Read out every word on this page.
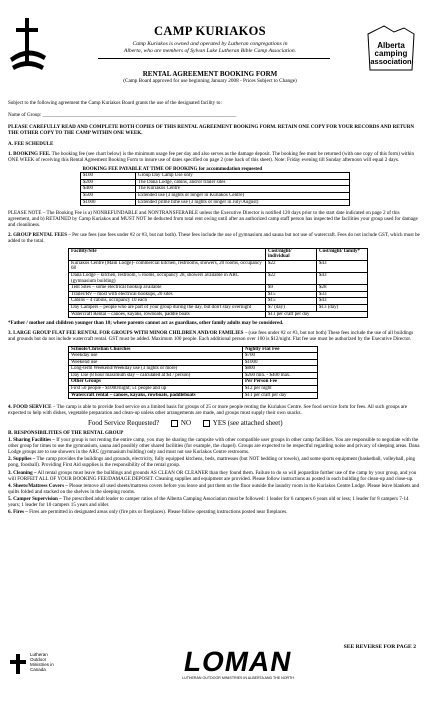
CAMP KURIAKOS
Camp Kuriakos is owned and operated by Lutheran congregations in
Alberta, who are members of Sylvan Lake Lutheran Bible Camp Association.
RENTAL AGREEMENT BOOKING FORM
(Camp Board approved for use beginning January 2008 - Prices Subject to Change)
Alberta
camping
association

Subject to the following agreement the Camp Kuriakos Board grants the use of the designated facility to:

Name of Group: ____________________________________________________________________________

PLEASE CAREFULLY READ AND COMPLETE BOTH COPIES OF THIS RENTAL AGREEMENT BOOKING FORM. RETAIN ONE COPY FOR YOUR RECORDS AND RETURN THE OTHER COPY TO THE CAMP WITHIN ONE WEEK.

A. FEE SCHEDULE

1. BOOKING FEE. The booking fee (see chart below) is the minimum usage fee per day and also serves as the damage deposit. The booking fee must be returned (with one copy of this form) within ONE WEEK of receiving this Rental Agreement Booking Form to insure use of dates specified on page 2 (one back of this sheet). Note: Friday evening till Sunday afternoon will equal 2 days.

BOOKING FEE PAYABLE AT TIME OF BOOKING for accommodation requested	
$100	Group Day Camp Use only
$200	The Dana Lodge, cabins, and/or trailer sites
$400	The Kuriakos Centre
$500	Extended use (3 nights or longer in Kuriakos Centre)
$1000	Extended prime time use (3 nights or longer in July/August)

PLEASE NOTE – The Booking Fee is a) NONREFUNDABLE and NONTRANSFERABLE unless the Executive Director is notified 120 days prior to the start date indicated on page 2 of this agreement, and b) RETAINED by Camp Kuriakos and MUST NOT be deducted from total rent owing until after an authorized camp staff person has inspected the facilities your group used for damage and cleanliness.

2. GROUP RENTAL FEES – Per use fees (use fees under #2 or #3, but not both). These fees include the use of gymnasium and sauna but not use of watercraft. Fees do not include GST, which must be added to the total.

Facility/Site	Cost/night/ individual	Cost/night/ family*
Kuriakos Centre (Main Lodge)- commercial kitchen, restrooms, showers, 20 rooms, occupancy 68	$22	$43
Dana Lodge – kitchen, restroom, 5 rooms, occupancy 28, showers available in ARC (gymnasium building)	$22	$43
Tent Sites – some electrical hookup available	$9	$28
Trailer/RV – most with electrical hookups, 20 sites	$15	$33
Cabins – 4 cabins, occupancy 10 each	$15	$43
Day Campers – people who are part of your group during the day, but don't stay overnight	$7 (day)	$13 (day)
Watercraft Rental – canoes, kayaks, rowboats, paddle boats	$11 per craft per day	

*Father / mother and children younger than 18; where parents cannot act as guardians, other family adults may be considered.

3. LARGE GROUP FLAT FEE RENTAL FOR GROUPS WITH MINOR CHILDREN AND/OR FAMILIES – (use fees under #2 or #3, but not both) These fees include the use of all buildings and grounds but do not include watercraft rental. GST must be added. Maximum 100 people. Each additional person over 100 is $12/night. Flat fee use must be authorized by the Executive Director.

Schools/Christian Churches	Nightly Flat Fee
Weekday use	$700
Weekend use	$1000
Long-term Weekend/Weekday use (3 nights or more)	$800
Day Use (8 hour maximum stay – calculated at $4 / person)	$200 min. - $400 max.
Other Groups	Per Person Fee
First 50 people - $1000/night; 51 people and up	$12 per night
Watercraft rental – canoes, kayaks, rowboats, paddleboats	$11 per craft per day

4. FOOD SERVICE – The camp is able to provide food service on a limited basis for groups of 25 or more people renting the Kuriakos Centre. See food service form for fees. All such groups are expected to help with dishes, vegetable preparation and clean-up unless other arrangements are made, and groups must supply their own snacks.

Food Service Requested?	NO	YES (see attached sheet)

B. RESPONSIBILITIES OF THE RENTAL GROUP

1. Sharing Facilities – If your group is not renting the entire camp, you may be sharing the campsite with other compatible user groups in other camp facilities. You are responsible to negotiate with the other group for times to use the gymnasium, sauna and possibly other shared facilities (for example, the chapel). Groups are expected to be respectful regarding noise and privacy of sleeping areas. Dana Lodge groups are to use showers in the ARC (gymnasium building) only and must not use Kuriakos Centre restrooms.

2. Supplies – The camp provides the buildings and grounds, electricity, fully equipped kitchens, beds, mattresses (but NOT bedding or towels), and some sports equipment (basketball, volleyball, ping pong, foosball). Providing First Aid supplies is the responsibility of the rental group.

3. Cleaning – All rental groups must leave the buildings and grounds AS CLEAN OR CLEANER than they found them. Failure to do so will jeopardize further use of the camp by your group, and you will FORFEIT ALL OF YOUR BOOKING FEE/DAMAGE DEPOSIT. Cleaning supplies and equipment are provided. Please follow instructions as posted in each building for clean-up and close-up.

4. Sheets/Mattress Covers – Please remove all used sheets/mattress covers before you leave and put them on the floor outside the laundry room in the Kuriakos Centre Lodge. Please leave blankets and quilts folded and stacked on the shelves in the sleeping rooms.

5. Camper Supervision – The prescribed adult leader to camper ratios of the Alberta Camping Association must be followed: 1 leader for 6 campers 6 years old or less; 1 leader for 8 campers 7-14 years; 1 leader for 10 campers 15 years and older.

6. Fires – Fires are permitted in designated areas only (fire pits or fireplaces). Please follow operating instructions posted near fireplaces.

Lutheran Outdoor Ministries in Canada	LOMAN
LUTHERAN OUTDOOR MINISTRIES IN ALBERTA AND THE NORTH
SEE REVERSE FOR PAGE 2
